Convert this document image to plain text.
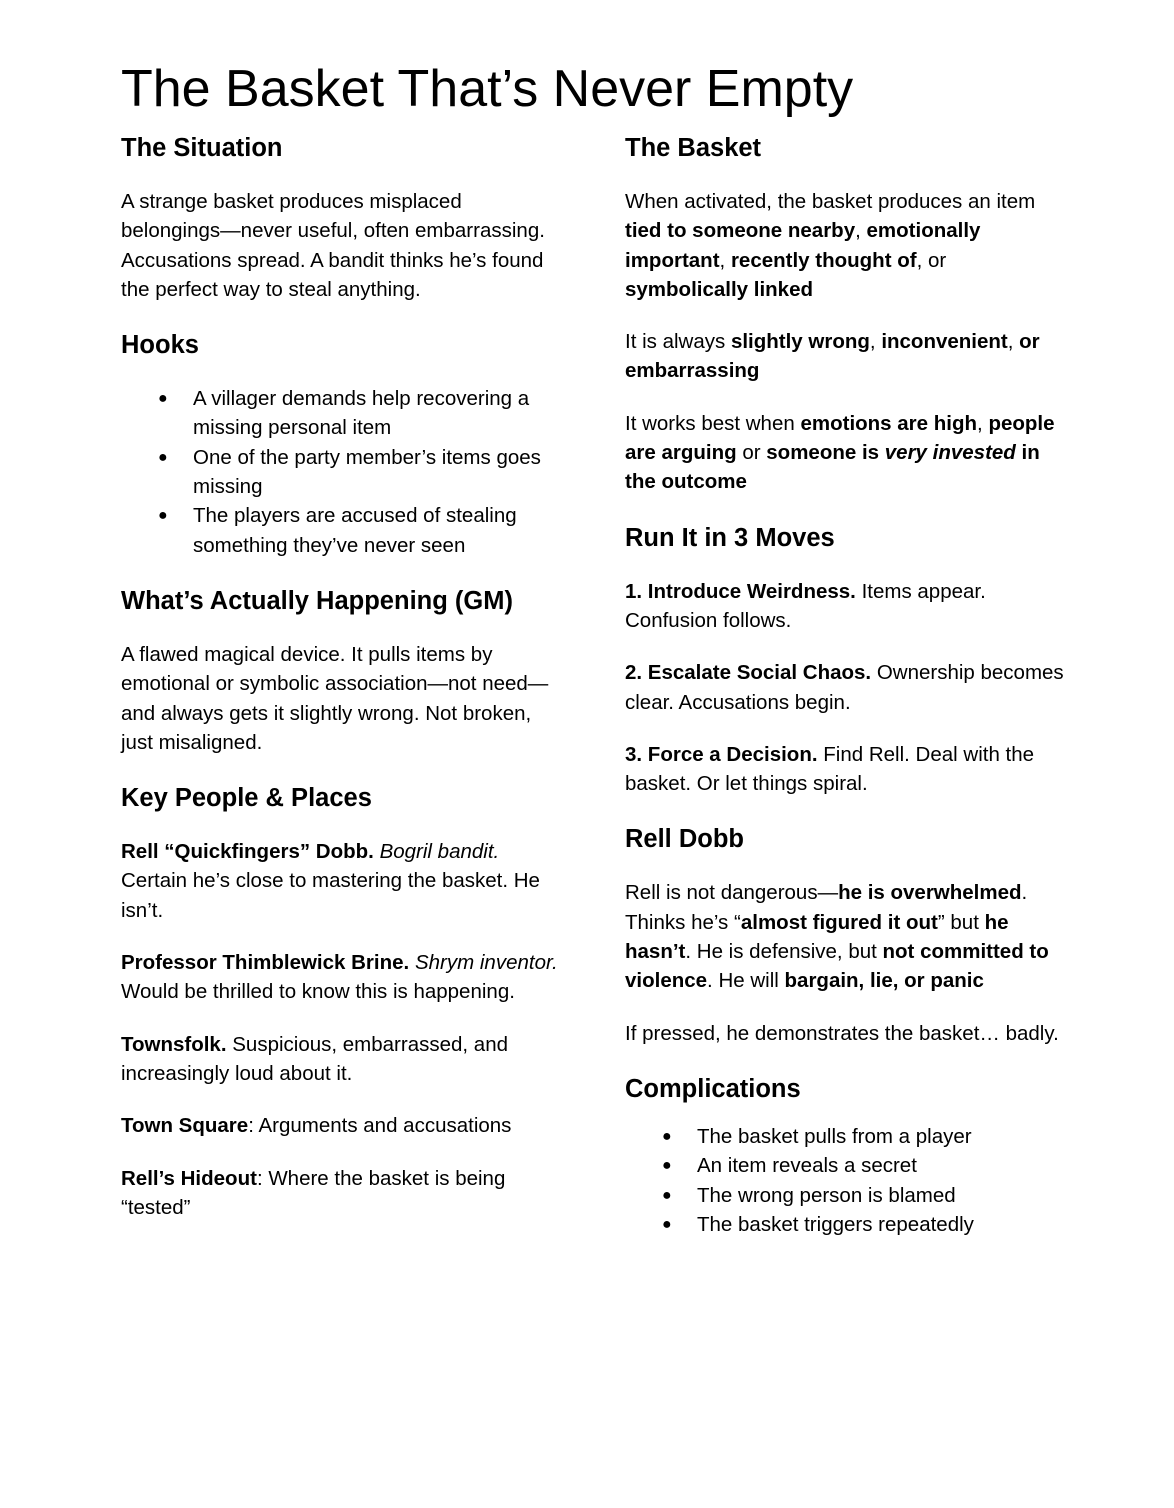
The Basket That’s Never Empty
The Situation

A strange basket produces misplaced belongings—never useful, often embarrassing. Accusations spread. A bandit thinks he’s found the perfect way to steal anything.

Hooks
● A villager demands help recovering a missing personal item
● One of the party member’s items goes missing
● The players are accused of stealing something they’ve never seen
What’s Actually Happening (GM)

A flawed magical device. It pulls items by emotional or symbolic association—not need—and always gets it slightly wrong. Not broken, just misaligned.

Key People & Places

Rell “Quickfingers” Dobb. Bogril bandit. Certain he’s close to mastering the basket. He isn’t.

Professor Thimblewick Brine. Shrym inventor. Would be thrilled to know this is happening.

Townsfolk. Suspicious, embarrassed, and increasingly loud about it.

Town Square: Arguments and accusations

Rell’s Hideout: Where the basket is being “tested”

The Basket

When activated, the basket produces an item tied to someone nearby, emotionally important, recently thought of, or symbolically linked

It is always slightly wrong, inconvenient, or embarrassing

It works best when emotions are high, people are arguing or someone is very invested in the outcome

Run It in 3 Moves

1. Introduce Weirdness. Items appear. Confusion follows.

2. Escalate Social Chaos. Ownership becomes clear. Accusations begin.

3. Force a Decision. Find Rell. Deal with the basket. Or let things spiral.

Rell Dobb

Rell is not dangerous—he is overwhelmed. Thinks he’s “almost figured it out” but he hasn’t. He is defensive, but not committed to violence. He will bargain, lie, or panic

If pressed, he demonstrates the basket… badly.

Complications
● The basket pulls from a player
● An item reveals a secret
● The wrong person is blamed
● The basket triggers repeatedly
